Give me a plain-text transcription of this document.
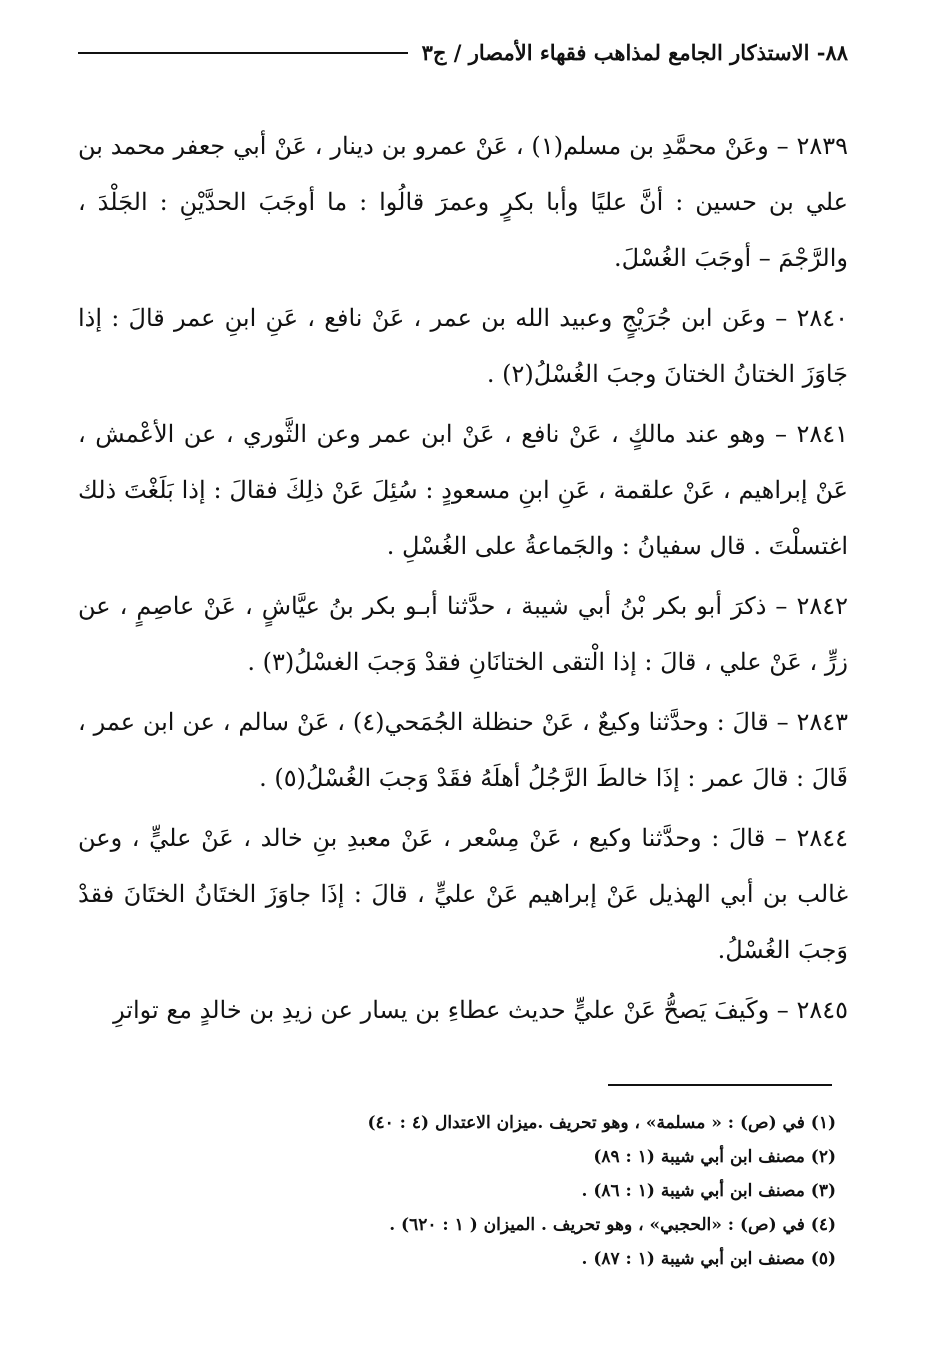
٨٨- الاستذكار الجامع لمذاهب فقهاء الأمصار / ج٣

٢٨٣٩ – وعَنْ محمَّدِ بن مسلم(١) ، عَنْ عمرو بن دينار ، عَنْ أبي جعفر محمد بن علي بن حسين : أنَّ عليًا وأبا بكرٍ وعمرَ قالُوا : ما أوجَبَ الحدَّيْنِ : الجَلْدَ ، والرَّجْمَ – أوجَبَ الغُسْلَ.

٢٨٤٠ – وعَن ابن جُرَيْجٍ وعبيد الله بن عمر ، عَنْ نافع ، عَنِ ابنِ عمر قالَ : إذا جَاوَزَ الختانُ الختانَ وجبَ الغُسْلُ(٢) .

٢٨٤١ – وهو عند مالكٍ ، عَنْ نافع ، عَنْ ابن عمر وعن الثَّوري ، عن الأعْمش ، عَنْ إبراهيم ، عَنْ علقمة ، عَنِ ابنِ مسعودٍ : سُئِلَ عَنْ ذلِكَ فقالَ : إذا بَلَغْتَ ذلك اغتسلْتَ . قال سفيانُ : والجَماعةُ على الغُسْلِ .

٢٨٤٢ – ذكرَ أبو بكر بْنُ أبي شيبة ، حدَّثنا أبـو بكر بنُ عيَّاشٍ ، عَنْ عاصِمٍ ، عن زرٍّ ، عَنْ علي ، قالَ : إذا الْتقى الختانَانِ فقدْ وَجبَ الغسْلُ(٣) .

٢٨٤٣ – قالَ : وحدَّثنا وكيعٌ ، عَنْ حنظلة الجُمَحي(٤) ، عَنْ سالم ، عن ابن عمر ، قَالَ : قالَ عمر : إذَا خالطَ الرَّجُلُ أهلَهُ فقَدْ وَجبَ الغُسْلُ(٥) .

٢٨٤٤ – قالَ : وحدَّثنا وكيع ، عَنْ مِسْعر ، عَنْ معبدِ بنِ خالد ، عَنْ عليٍّ ، وعن غالب بن أبي الهذيل عَنْ إبراهيم عَنْ عليٍّ ، قالَ : إذَا جاوَزَ الختَانُ الختَانَ فقدْ وَجبَ الغُسْلُ.

٢٨٤٥ – وكَيفَ يَصحُّ عَنْ عليٍّ حديث عطاءِ بن يسار عن زيدِ بن خالدٍ مع تواترِ

(١) في (ص) : « مسلمة» ، وهو تحريف .ميزان الاعتدال (٤ : ٤٠)

(٢) مصنف ابن أبي شيبة (١ : ٨٩)

(٣) مصنف ابن أبي شيبة (١ : ٨٦) .

(٤) في (ص) : «الحجبي» ، وهو تحريف . الميزان ( ١ : ٦٢٠) .

(٥) مصنف ابن أبي شيبة (١ : ٨٧) .
